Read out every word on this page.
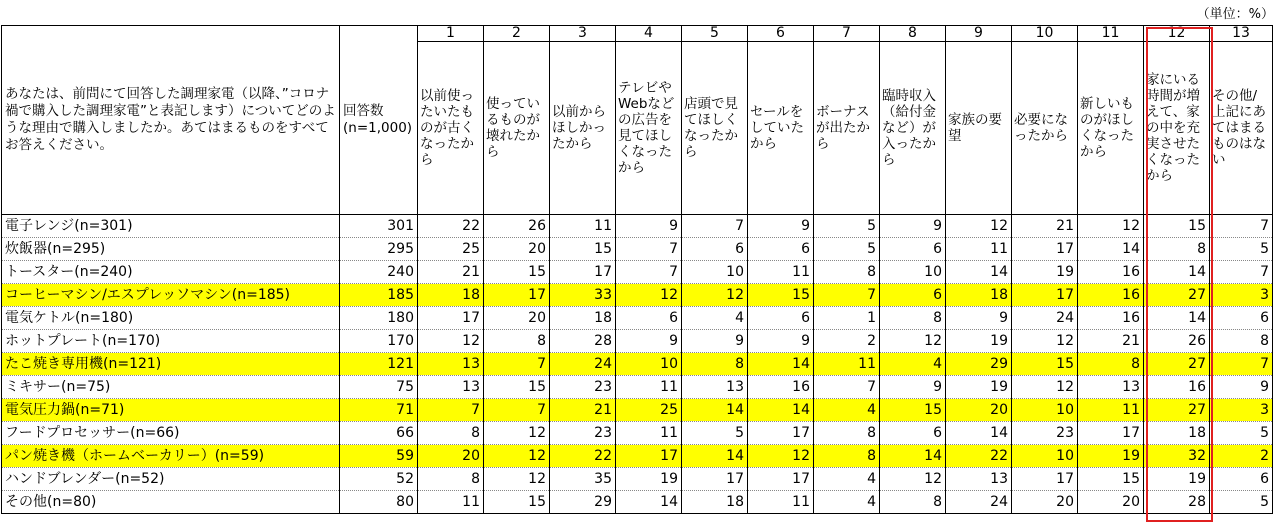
（単位：%）
あなたは、前問にて回答した調理家電（以降、”コロナ禍で購入した調理家電”と表記します）についてどのような理由で購入しましたか。あてはまるものをすべてお答えください。	回答数
(n=1,000)	1	2	3	4	5	6	7	8	9	10	11	12	13
		以前使ったいたものが古くなったから	使っているものが壊れたから	以前からほしかったから	テレビやWebなどの広告を見てほしくなったから	店頭で見てほしくなったから	セールをしていたから	ボーナスが出たから	臨時収入（給付金など）が入ったから	家族の要望	必要になったから	新しいものがほしくなったから	家にいる時間が増えて、家の中を充実させたくなったから	その他/上記にあてはまるものはない
電子レンジ(n=301)	301	22	26	11	9	7	9	5	9	12	21	12	15	7
炊飯器(n=295)	295	25	20	15	7	6	6	5	6	11	17	14	8	5
トースター(n=240)	240	21	15	17	7	10	11	8	10	14	19	16	14	7
コーヒーマシン/エスプレッソマシン(n=185)	185	18	17	33	12	12	15	7	6	18	17	16	27	3
電気ケトル(n=180)	180	17	20	18	6	4	6	1	8	9	24	16	14	6
ホットプレート(n=170)	170	12	8	28	9	9	9	2	12	19	12	21	26	8
たこ焼き専用機(n=121)	121	13	7	24	10	8	14	11	4	29	15	8	27	7
ミキサー(n=75)	75	13	15	23	11	13	16	7	9	19	12	13	16	9
電気圧力鍋(n=71)	71	7	7	21	25	14	14	4	15	20	10	11	27	3
フードプロセッサー(n=66)	66	8	12	23	11	5	17	8	6	14	23	17	18	5
パン焼き機（ホームベーカリー）(n=59)	59	20	12	22	17	14	12	8	14	22	10	19	32	2
ハンドブレンダー(n=52)	52	8	12	35	19	17	17	4	12	13	17	15	19	6
その他(n=80)	80	11	15	29	14	18	11	4	8	24	20	20	28	5
